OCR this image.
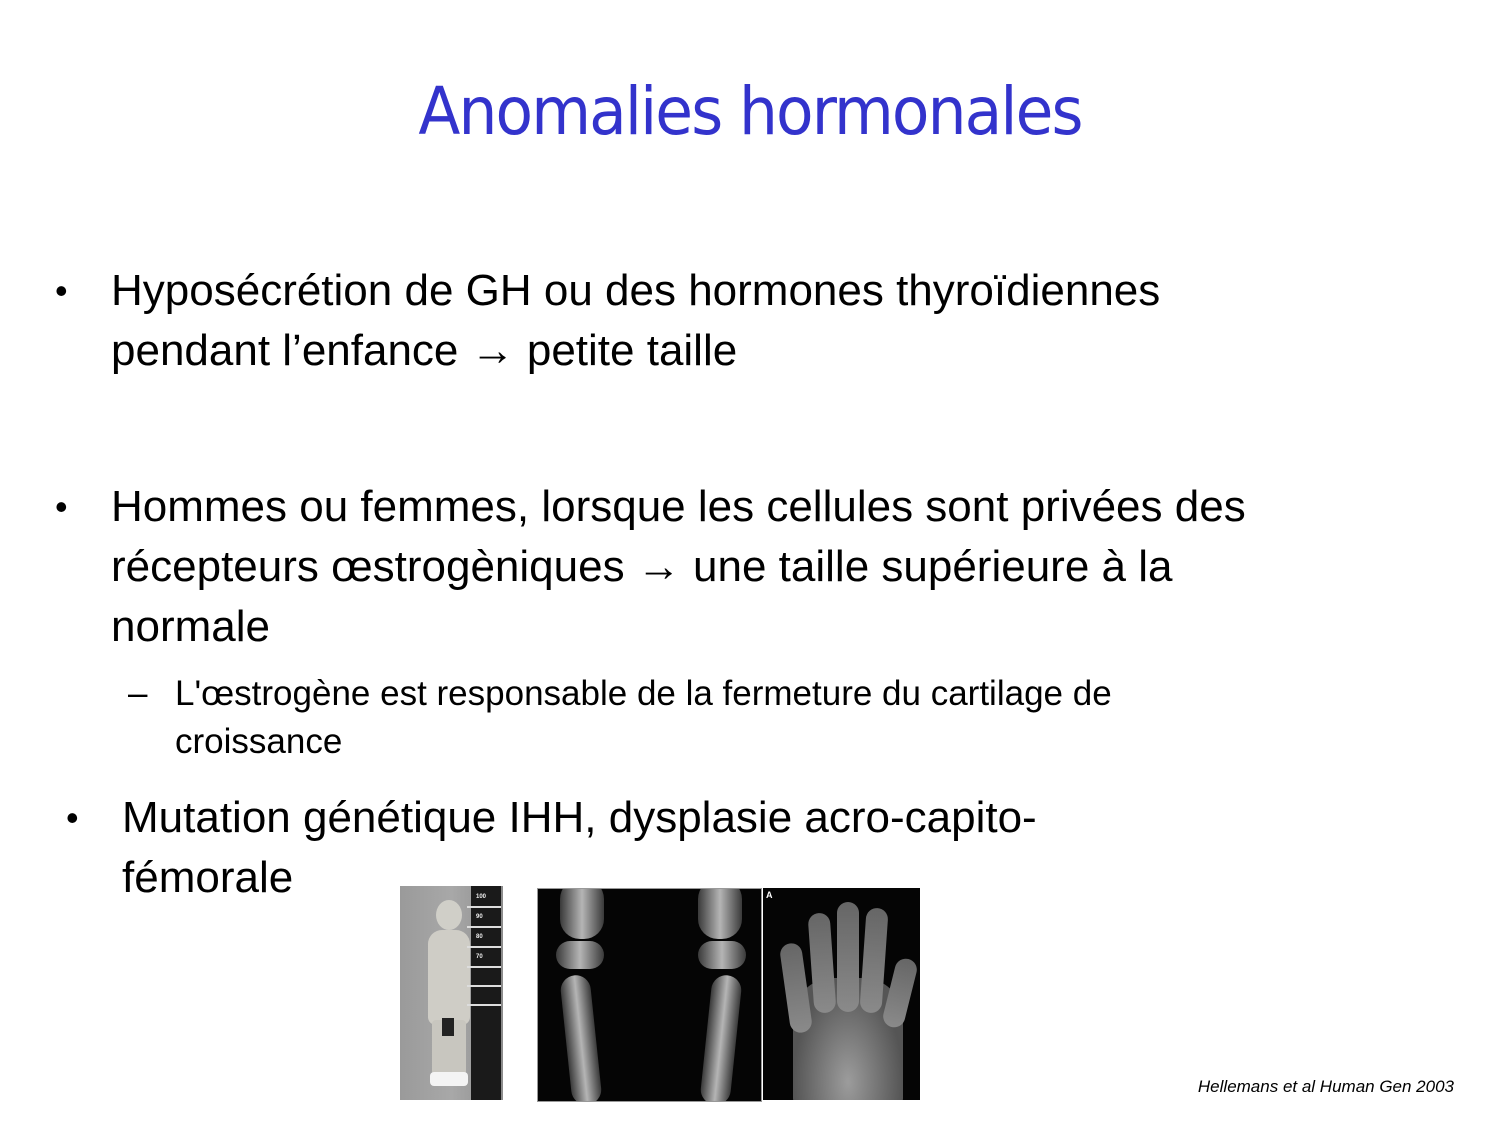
Anomalies hormonales
• Hyposécrétion de GH ou des hormones thyroïdiennes
pendant l’enfance → petite taille
• Hommes ou femmes, lorsque les cellules sont privées des
récepteurs œstrogèniques → une taille supérieure à la
normale
– L'œstrogène est responsable de la fermeture du cartilage de
croissance
• Mutation génétique IHH, dysplasie acro-capito-
fémorale	100
90
80
70
A
Hellemans et al Human Gen 2003
